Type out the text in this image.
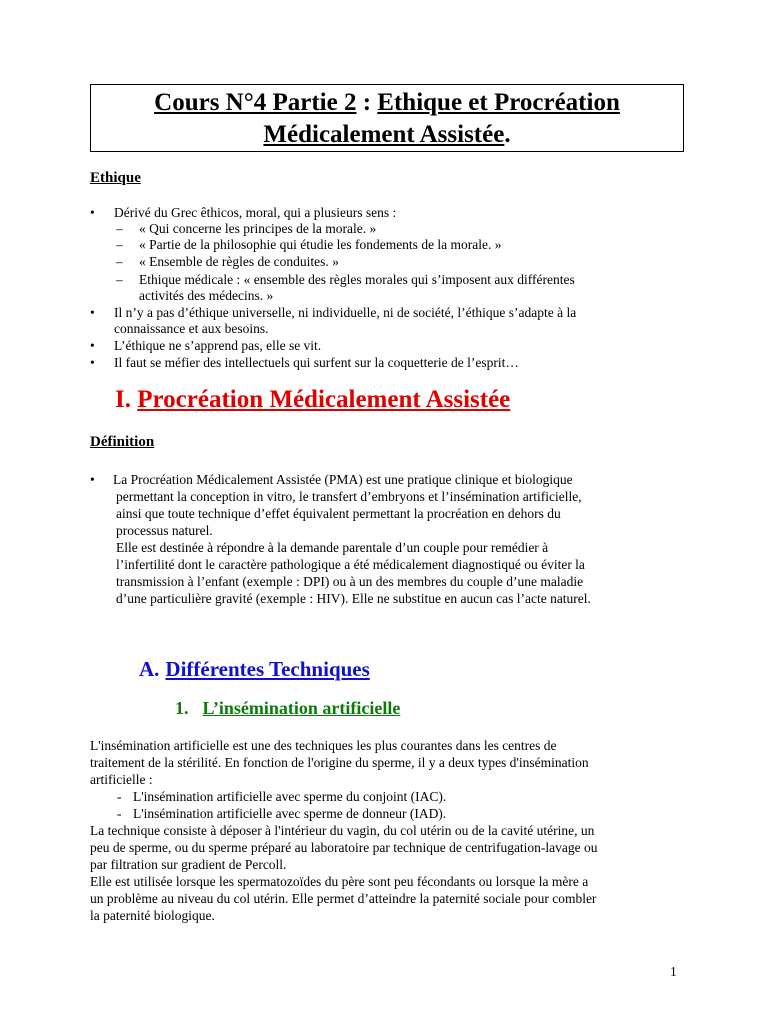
Cours N°4 Partie 2 : Ethique et Procréation
Médicalement Assistée.
Ethique
• Dérivé du Grec êthicos, moral, qui a plusieurs sens :
– « Qui concerne les principes de la morale. »
– « Partie de la philosophie qui étudie les fondements de la morale. »
– « Ensemble de règles de conduites. »
– Ethique médicale : « ensemble des règles morales qui s’imposent aux différentes
activités des médecins. »
• Il n’y a pas d’éthique universelle, ni individuelle, ni de société, l’éthique s’adapte à la
connaissance et aux besoins.
• L’éthique ne s’apprend pas, elle se vit.
• Il faut se méfier des intellectuels qui surfent sur la coquetterie de l’esprit…
I. Procréation Médicalement Assistée
Définition
• La Procréation Médicalement Assistée (PMA) est une pratique clinique et biologique
permettant la conception in vitro, le transfert d’embryons et l’insémination artificielle,
ainsi que toute technique d’effet équivalent permettant la procréation en dehors du
processus naturel.
Elle est destinée à répondre à la demande parentale d’un couple pour remédier à
l’infertilité dont le caractère pathologique a été médicalement diagnostiqué ou éviter la
transmission à l’enfant (exemple : DPI) ou à un des membres du couple d’une maladie
d’une particulière gravité (exemple : HIV). Elle ne substitue en aucun cas l’acte naturel.
A. Différentes Techniques
1. L’insémination artificielle
L'insémination artificielle est une des techniques les plus courantes dans les centres de
traitement de la stérilité. En fonction de l'origine du sperme, il y a deux types d'insémination
artificielle :
- L'insémination artificielle avec sperme du conjoint (IAC).
- L'insémination artificielle avec sperme de donneur (IAD).
La technique consiste à déposer à l'intérieur du vagin, du col utérin ou de la cavité utérine, un
peu de sperme, ou du sperme préparé au laboratoire par technique de centrifugation-lavage ou
par filtration sur gradient de Percoll.
Elle est utilisée lorsque les spermatozoïdes du père sont peu fécondants ou lorsque la mère a
un problème au niveau du col utérin. Elle permet d’atteindre la paternité sociale pour combler
la paternité biologique.
1
